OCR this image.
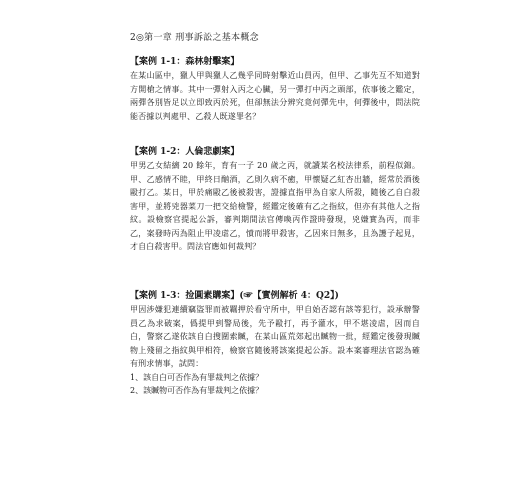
2◎第一章 刑事訴訟之基本概念
【案例 1-1：森林射擊案】

在某山區中，獵人甲與獵人乙幾乎同時射擊近山員丙，但甲、乙事先互不知道對方開槍之情事。其中一彈射入丙之心臟，另一彈打中丙之頭部，依事後之鑑定，兩彈各別皆足以立即致丙於死，但卻無法分辨究竟何彈先中，何彈後中，問法院能否據以判處甲、乙殺人既遂罪名？

【案例 1-2：人倫悲劇案】

甲男乙女結縭 20 餘年，育有一子 20 歲之丙，就讀某名校法律系，前程似錦。甲、乙感情不睦，甲終日酗酒，乙則久病不癒，甲懷疑乙紅杏出牆，經常於酒後毆打乙。某日，甲於痛毆乙後被殺害，證據直指甲為自家人所殺，隨後乙自白殺害甲，並將兇器菜刀一把交給檢警，經鑑定後確有乙之指紋，但亦有其他人之指紋。設檢察官提起公訴，審判期間法官傳喚丙作證時發現，兇嫌實為丙，而非乙，案發時丙為阻止甲凌虐乙，憤而將甲殺害，乙因來日無多，且為護子起見，才自白殺害甲。問法官應如何裁判？

【案例 1-3：捡圓素購案】(☞【實例解析 4：Q2】)

甲因涉嫌犯連續竊盜罪而被羈押於看守所中，甲自始否認有該等犯行，設承辦警員乙為求破案，僞提甲到警局後，先予毆打，再予灌水，甲不堪凌虐，因而自白，警察乙遂依該自白搜圍索贓，在某山區荒郊起出贓物一批，經鑑定後發現贓物上殘留之指紋與甲相符，檢察官隨後將該案提起公訴。設本案審理法官認為確有刑求情事，試問：

1、該自白可否作為有罪裁判之依據？

2、該贓物可否作為有罪裁判之依據？
